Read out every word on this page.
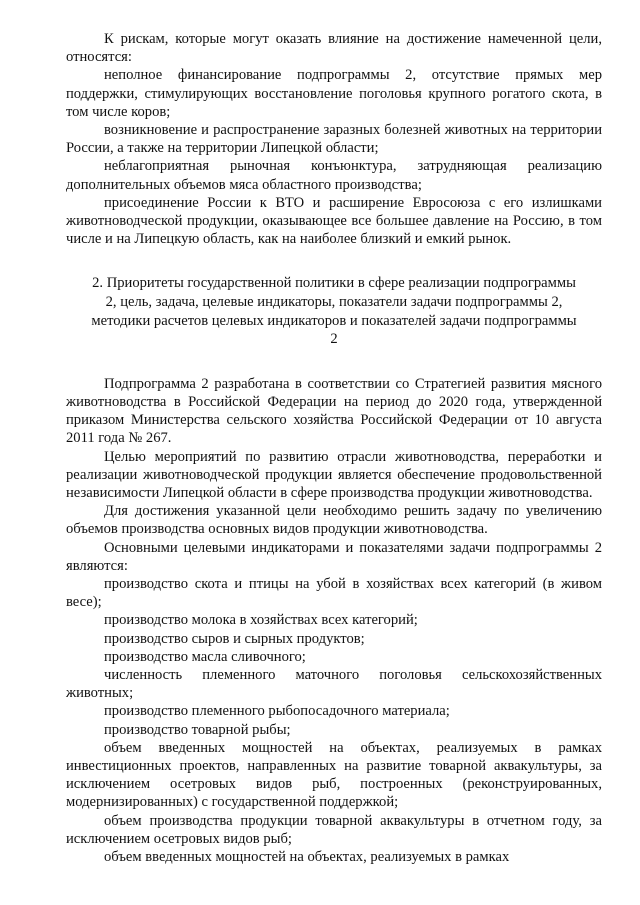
К рискам, которые могут оказать влияние на достижение намеченной цели, относятся:

неполное финансирование подпрограммы 2, отсутствие прямых мер поддержки, стимулирующих восстановление поголовья крупного рогатого скота, в том числе коров;

возникновение и распространение заразных болезней животных на территории России, а также на территории Липецкой области;

неблагоприятная рыночная конъюнктура, затрудняющая реализацию дополнительных объемов мяса областного производства;

присоединение России к ВТО и расширение Евросоюза с его излишками животноводческой продукции, оказывающее все большее давление на Россию, в том числе и на Липецкую область, как на наиболее близкий и емкий рынок.

2. Приоритеты государственной политики в сфере реализации подпрограммы 2, цель, задача, целевые индикаторы, показатели задачи подпрограммы 2, методики расчетов целевых индикаторов и показателей задачи подпрограммы 2

Подпрограмма 2 разработана в соответствии со Стратегией развития мясного животноводства в Российской Федерации на период до 2020 года, утвержденной приказом Министерства сельского хозяйства Российской Федерации от 10 августа 2011 года № 267.

Целью мероприятий по развитию отрасли животноводства, переработки и реализации животноводческой продукции является обеспечение продовольственной независимости Липецкой области в сфере производства продукции животноводства.

Для достижения указанной цели необходимо решить задачу по увеличению объемов производства основных видов продукции животноводства.

Основными целевыми индикаторами и показателями задачи подпрограммы 2 являются:

производство скота и птицы на убой в хозяйствах всех категорий (в живом весе);

производство молока в хозяйствах всех категорий;

производство сыров и сырных продуктов;

производство масла сливочного;

численность племенного маточного поголовья сельскохозяйственных животных;

производство племенного рыбопосадочного материала;

производство товарной рыбы;

объем введенных мощностей на объектах, реализуемых в рамках инвестиционных проектов, направленных на развитие товарной аквакультуры, за исключением осетровых видов рыб, построенных (реконструированных, модернизированных) с государственной поддержкой;

объем производства продукции товарной аквакультуры в отчетном году, за исключением осетровых видов рыб;

объем введенных мощностей на объектах, реализуемых в рамках
